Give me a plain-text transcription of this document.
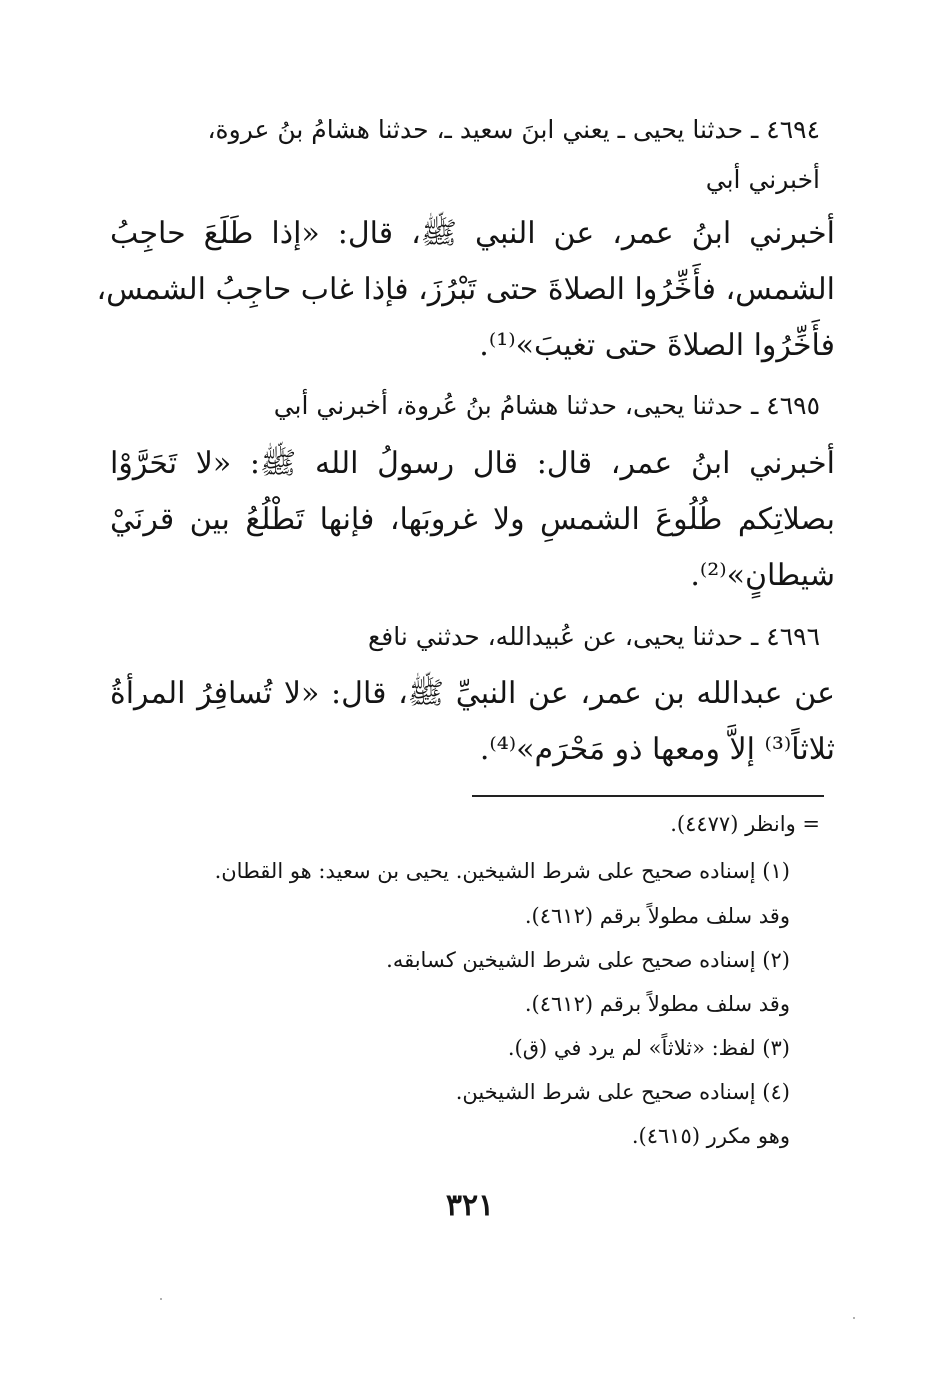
٤٦٩٤ ـ حدثنا يحيى ـ يعني ابنَ سعيد ـ، حدثنا هشامُ بنُ عروة،
أخبرني أبي
أخبرني ابنُ عمر، عن النبي ﷺ، قال: «إذا طَلَعَ حاجِبُ
الشمس، فأَخِّرُوا الصلاةَ حتى تَبْرُزَ، فإذا غاب حاجِبُ الشمس،
فأَخِّرُوا الصلاةَ حتى تغيبَ»⁽¹⁾.
٤٦٩٥ ـ حدثنا يحيى، حدثنا هشامُ بنُ عُروة، أخبرني أبي
أخبرني ابنُ عمر، قال: قال رسولُ الله ﷺ: «لا تَحَرَّوْا
بصلاتِكم طُلُوعَ الشمسِ ولا غروبَها، فإنها تَطْلُعُ بين قرنَيْ
شيطانٍ»⁽²⁾.
٤٦٩٦ ـ حدثنا يحيى، عن عُبيدالله، حدثني نافع
عن عبدالله بن عمر، عن النبيِّ ﷺ، قال: «لا تُسافِرُ المرأةُ
ثلاثاً⁽³⁾ إلاَّ ومعها ذو مَحْرَم»⁽⁴⁾.
= وانظر (٤٤٧٧).
(١) إسناده صحيح على شرط الشيخين. يحيى بن سعيد: هو القطان.
وقد سلف مطولاً برقم (٤٦١٢).
(٢) إسناده صحيح على شرط الشيخين كسابقه.
وقد سلف مطولاً برقم (٤٦١٢).
(٣) لفظ: «ثلاثاً» لم يرد في (ق).
(٤) إسناده صحيح على شرط الشيخين.
وهو مكرر (٤٦١٥).
٣٢١
